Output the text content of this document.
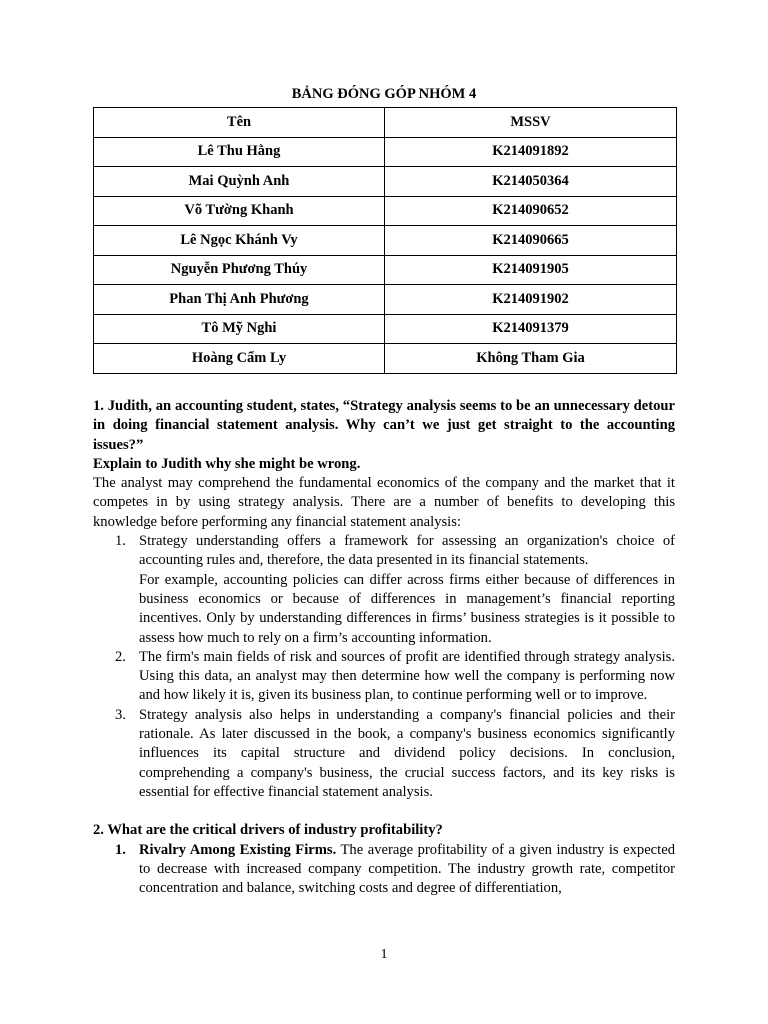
BẢNG ĐÓNG GÓP NHÓM 4
Tên	MSSV
Lê Thu Hằng	K214091892
Mai Quỳnh Anh	K214050364
Võ Tường Khanh	K214090652
Lê Ngọc Khánh Vy	K214090665
Nguyễn Phương Thúy	K214091905
Phan Thị Anh Phương	K214091902
Tô Mỹ Nghi	K214091379
Hoàng Cẩm Ly	Không Tham Gia

1. Judith, an accounting student, states, “Strategy analysis seems to be an unnecessary detour in doing financial statement analysis. Why can’t we just get straight to the accounting issues?”

Explain to Judith why she might be wrong.

The analyst may comprehend the fundamental economics of the company and the market that it competes in by using strategy analysis. There are a number of benefits to developing this knowledge before performing any financial statement analysis:

1. Strategy understanding offers a framework for assessing an organization's choice of accounting rules and, therefore, the data presented in its financial statements.

For example, accounting policies can differ across firms either because of differences in business economics or because of differences in management’s financial reporting incentives. Only by understanding differences in firms’ business strategies is it possible to assess how much to rely on a firm’s accounting information.

2. The firm's main fields of risk and sources of profit are identified through strategy analysis. Using this data, an analyst may then determine how well the company is performing now and how likely it is, given its business plan, to continue performing well or to improve.
3. Strategy analysis also helps in understanding a company's financial policies and their rationale. As later discussed in the book, a company's business economics significantly influences its capital structure and dividend policy decisions. In conclusion, comprehending a company's business, the crucial success factors, and its key risks is essential for effective financial statement analysis.

2. What are the critical drivers of industry profitability?

1. Rivalry Among Existing Firms. The average profitability of a given industry is expected to decrease with increased company competition. The industry growth rate, competitor concentration and balance, switching costs and degree of differentiation,
1
